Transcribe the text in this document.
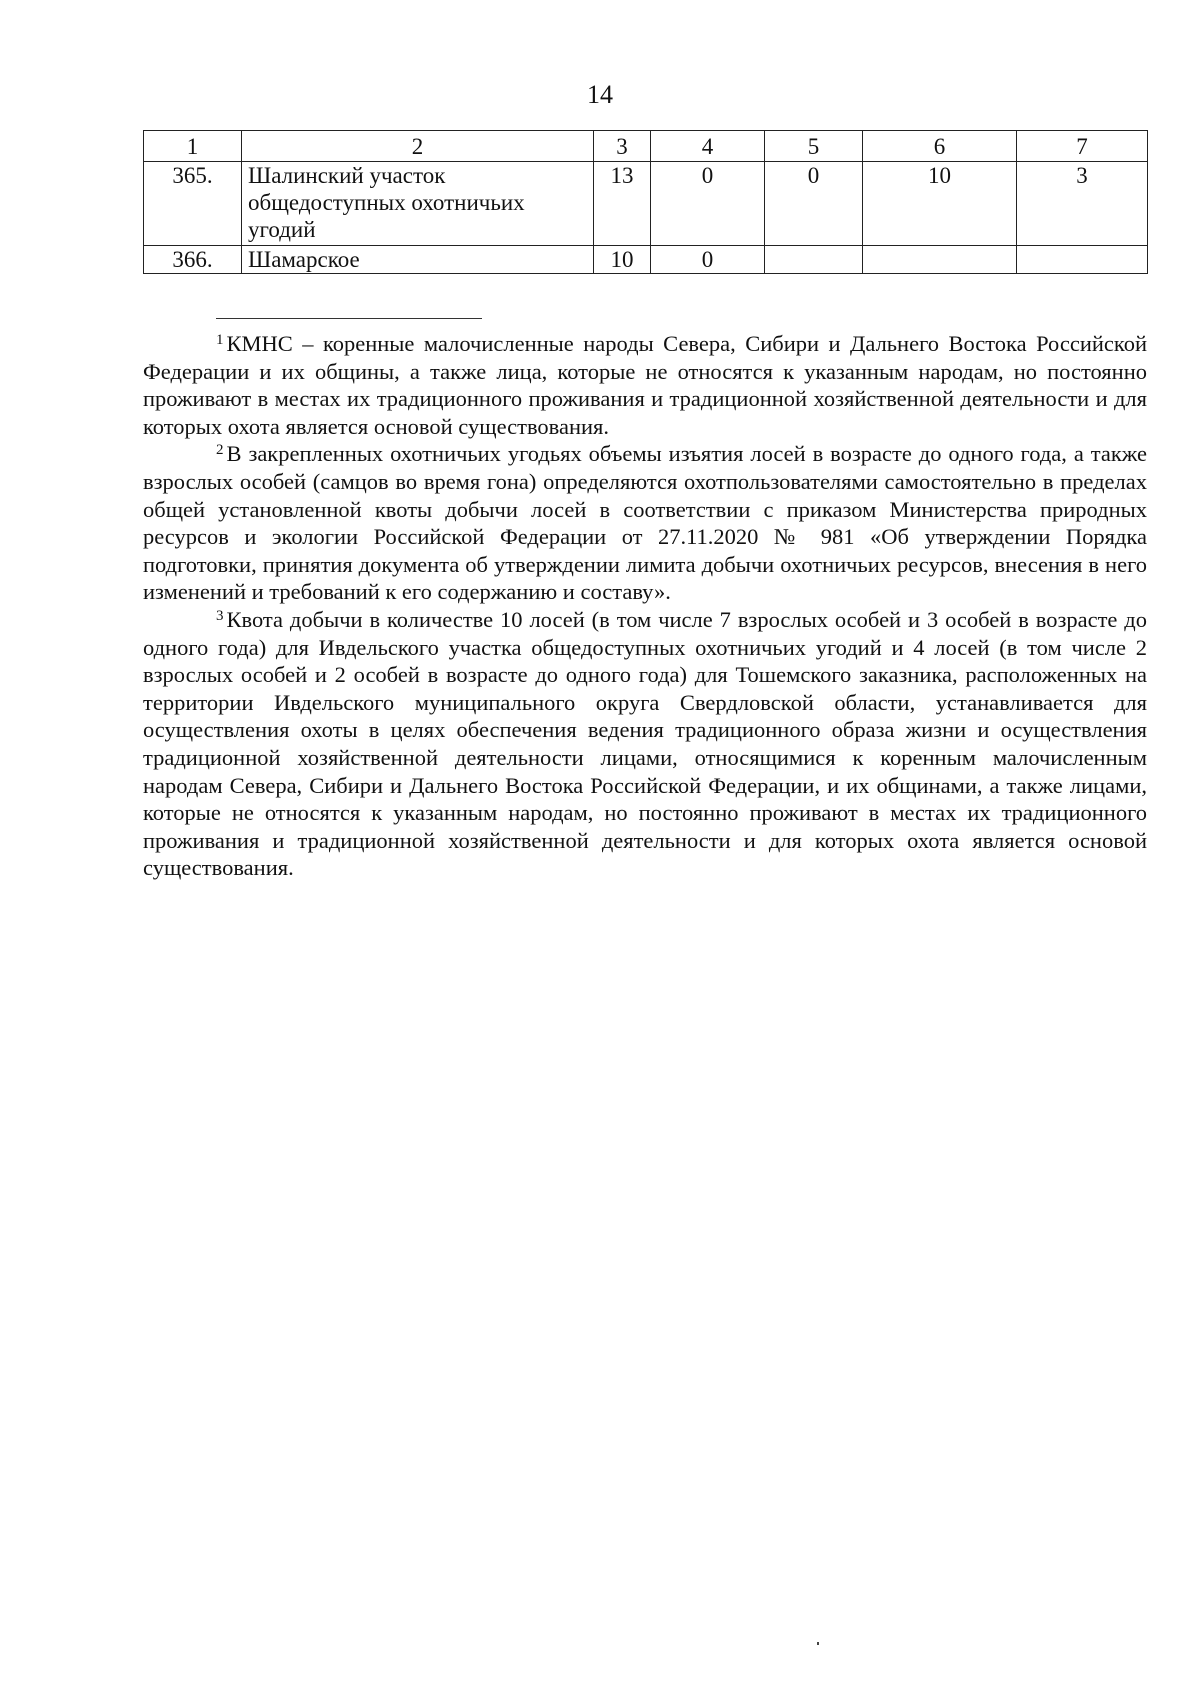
14
1	2	3	4	5	6	7
365.	Шалинский участок общедоступных охотничьих угодий	13	0	0	10	3
366.	Шамарское	10	0			

$^1$ КМНС – коренные малочисленные народы Севера, Сибири и Дальнего Востока Российской Федерации и их общины, а также лица, которые не относятся к указанным народам, но постоянно проживают в местах их традиционного проживания и традиционной хозяйственной деятельности и для которых охота является основой существования.

$^2$ В закрепленных охотничьих угодьях объемы изъятия лосей в возрасте до одного года, а также взрослых особей (самцов во время гона) определяются охотпользователями самостоятельно в пределах общей установленной квоты добычи лосей в соответствии с приказом Министерства природных ресурсов и экологии Российской Федерации от 27.11.2020 № 981 «Об утверждении Порядка подготовки, принятия документа об утверждении лимита добычи охотничьих ресурсов, внесения в него изменений и требований к его содержанию и составу».

$^3$ Квота добычи в количестве 10 лосей (в том числе 7 взрослых особей и 3 особей в возрасте до одного года) для Ивдельского участка общедоступных охотничьих угодий и 4 лосей (в том числе 2 взрослых особей и 2 особей в возрасте до одного года) для Тошемского заказника, расположенных на территории Ивдельского муниципального округа Свердловской области, устанавливается для осуществления охоты в целях обеспечения ведения традиционного образа жизни и осуществления традиционной хозяйственной деятельности лицами, относящимися к коренным малочисленным народам Севера, Сибири и Дальнего Востока Российской Федерации, и их общинами, а также лицами, которые не относятся к указанным народам, но постоянно проживают в местах их традиционного проживания и традиционной хозяйственной деятельности и для которых охота является основой существования.
